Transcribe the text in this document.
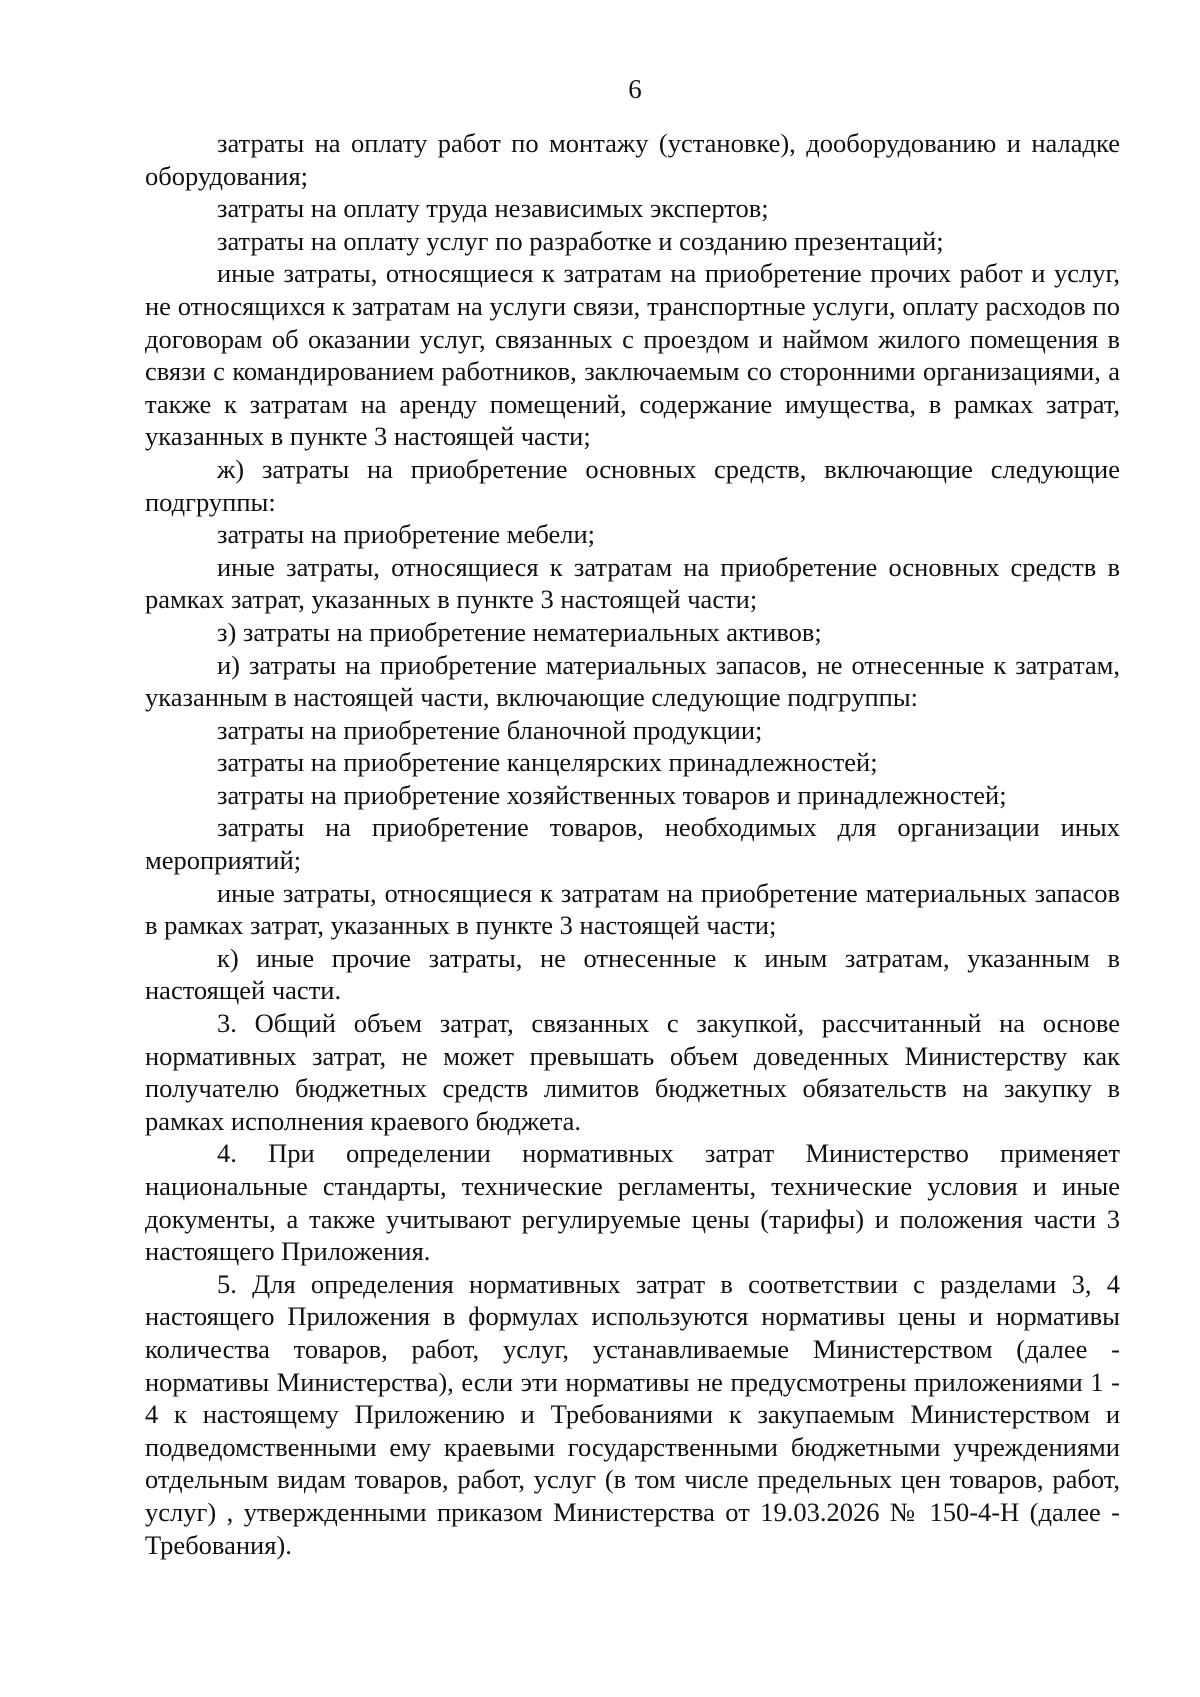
6

затраты на оплату работ по монтажу (установке), дооборудованию и наладке оборудования;

затраты на оплату труда независимых экспертов;

затраты на оплату услуг по разработке и созданию презентаций;

иные затраты, относящиеся к затратам на приобретение прочих работ и услуг, не относящихся к затратам на услуги связи, транспортные услуги, оплату расходов по договорам об оказании услуг, связанных с проездом и наймом жилого помещения в связи с командированием работников, заключаемым со сторонними организациями, а также к затратам на аренду помещений, содержание имущества, в рамках затрат, указанных в пункте 3 настоящей части;

ж) затраты на приобретение основных средств, включающие следующие подгруппы:

затраты на приобретение мебели;

иные затраты, относящиеся к затратам на приобретение основных средств в рамках затрат, указанных в пункте 3 настоящей части;

з) затраты на приобретение нематериальных активов;

и) затраты на приобретение материальных запасов, не отнесенные к затратам, указанным в настоящей части, включающие следующие подгруппы:

затраты на приобретение бланочной продукции;

затраты на приобретение канцелярских принадлежностей;

затраты на приобретение хозяйственных товаров и принадлежностей;

затраты на приобретение товаров, необходимых для организации иных мероприятий;

иные затраты, относящиеся к затратам на приобретение материальных запасов в рамках затрат, указанных в пункте 3 настоящей части;

к) иные прочие затраты, не отнесенные к иным затратам, указанным в настоящей части.

3. Общий объем затрат, связанных с закупкой, рассчитанный на основе нормативных затрат, не может превышать объем доведенных Министерству как получателю бюджетных средств лимитов бюджетных обязательств на закупку в рамках исполнения краевого бюджета.

4. При определении нормативных затрат Министерство применяет национальные стандарты, технические регламенты, технические условия и иные документы, а также учитывают регулируемые цены (тарифы) и положения части 3 настоящего Приложения.

5. Для определения нормативных затрат в соответствии с разделами 3, 4 настоящего Приложения в формулах используются нормативы цены и нормативы количества товаров, работ, услуг, устанавливаемые Министерством (далее - нормативы Министерства), если эти нормативы не предусмотрены приложениями 1 - 4 к настоящему Приложению и Требованиями к закупаемым Министерством и подведомственными ему краевыми государственными бюджетными учреждениями отдельным видам товаров, работ, услуг (в том числе предельных цен товаров, работ, услуг) , утвержденными приказом Министерства от 19.03.2026 № 150-4-Н (далее - Требования).
